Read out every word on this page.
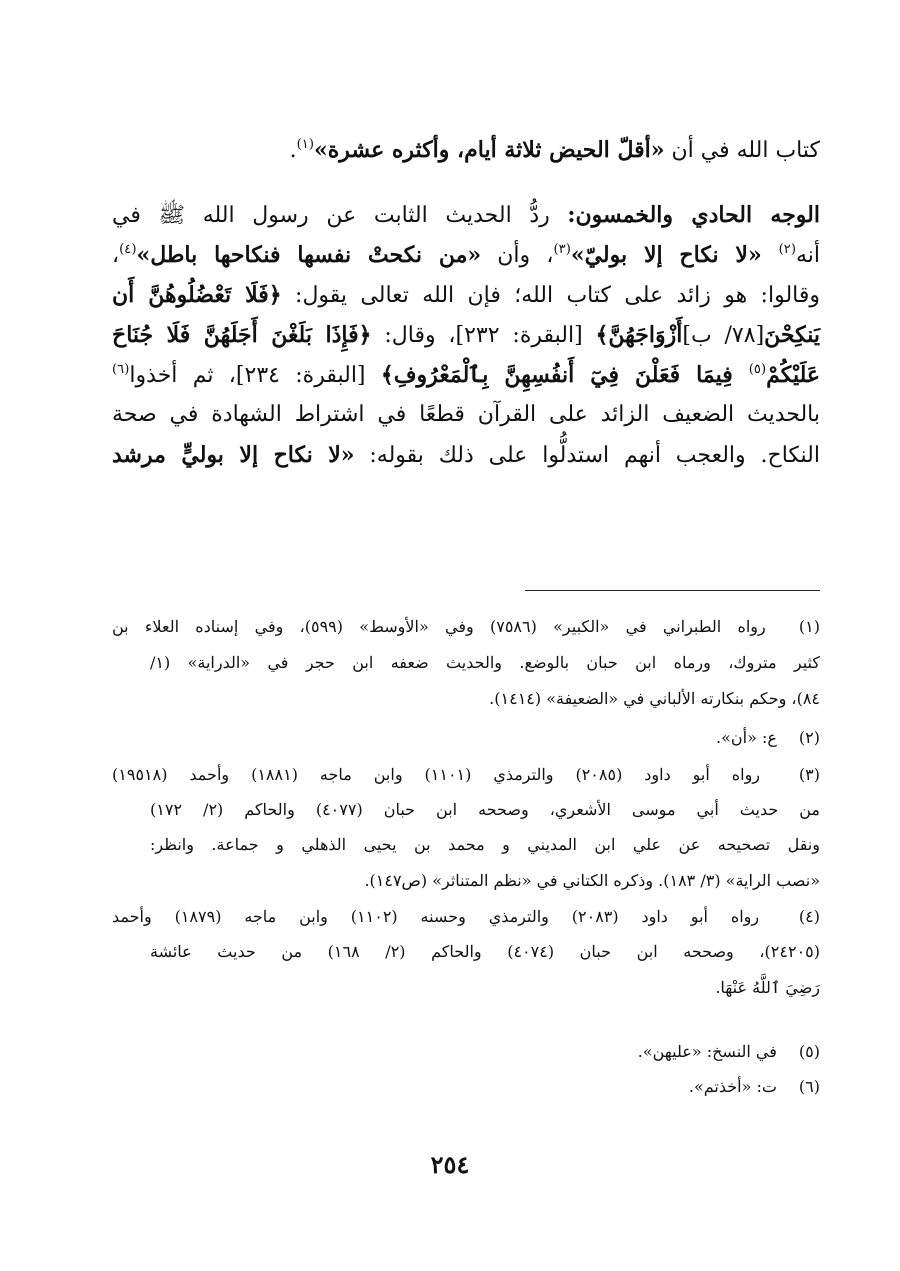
كتاب الله في أن «أقلّ الحيض ثلاثة أيام، وأكثره عشرة»$^{(١)}$.
الوجه الحادي والخمسون: ردُّ الحديث الثابت عن رسول الله ﷺ في
أنه$^{(٢)}$ «لا نكاح إلا بوليّ»$^{(٣)}$، وأن «من نكحتْ نفسها فنكاحها باطل»$^{(٤)}$،
وقالوا: هو زائد على كتاب الله؛ فإن الله تعالى يقول: ﴿فَلَا تَعْضُلُوهُنَّ أَن
يَنكِحْنَ[٧٨/ ب]أَزْوَاجَهُنَّ﴾ [البقرة: ٢٣٢]، وقال: ﴿فَإِذَا بَلَغْنَ أَجَلَهُنَّ فَلَا جُنَاحَ
عَلَيْكُمْ$^{(٥)}$ فِيمَا فَعَلْنَ فِيٓ أَنفُسِهِنَّ بِٱلْمَعْرُوفِ﴾ [البقرة: ٢٣٤]، ثم أخذوا$^{(٦)}$
بالحديث الضعيف الزائد على القرآن قطعًا في اشتراط الشهادة في صحة
النكاح. والعجب أنهم استدلُّوا على ذلك بقوله: «لا نكاح إلا بوليٍّ مرشد
(١) رواه الطبراني في «الكبير» (٧٥٨٦) وفي «الأوسط» (٥٩٩)، وفي إسناده العلاء بن
كثير متروك، ورماه ابن حبان بالوضع. والحديث ضعفه ابن حجر في «الدراية» (١/
٨٤)، وحكم بنكارته الألباني في «الضعيفة» (١٤١٤).
(٢) ع: «أن».
(٣) رواه أبو داود (٢٠٨٥) والترمذي (١١٠١) وابن ماجه (١٨٨١) وأحمد (١٩٥١٨)
من حديث أبي موسى الأشعري، وصححه ابن حبان (٤٠٧٧) والحاكم (٢/ ١٧٢)
ونقل تصحيحه عن علي ابن المديني و محمد بن يحيى الذهلي و جماعة. وانظر:
«نصب الراية» (٣/ ١٨٣). وذكره الكتاني في «نظم المتناثر» (ص١٤٧).
(٤) رواه أبو داود (٢٠٨٣) والترمذي وحسنه (١١٠٢) وابن ماجه (١٨٧٩) وأحمد
(٢٤٢٠٥)، وصححه ابن حبان (٤٠٧٤) والحاكم (٢/ ١٦٨) من حديث عائشة
رَضِيَ ٱللَّهُ عَنْهَا.
(٥) في النسخ: «عليهن».
(٦) ت: «أخذتم».
٢٥٤
